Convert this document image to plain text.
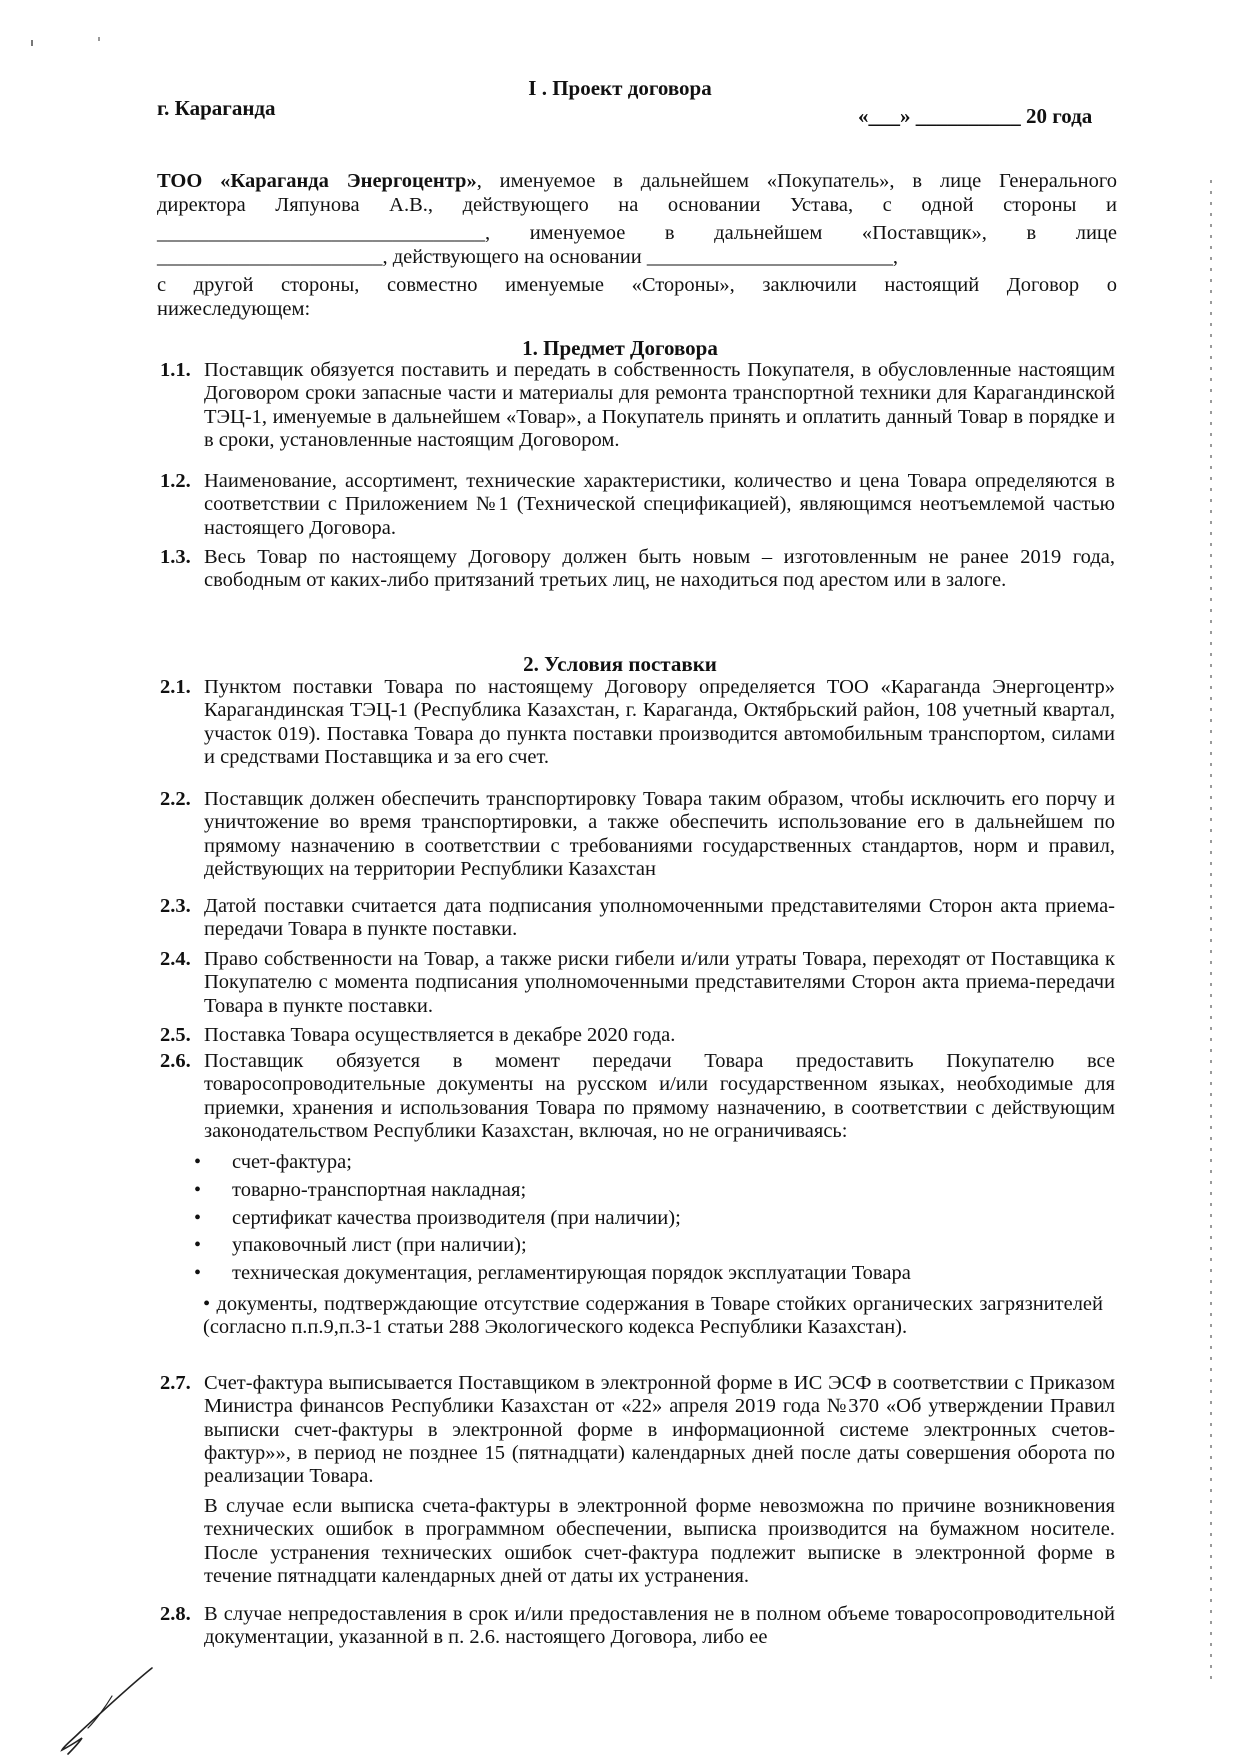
I . Проект договора
г. Караганда	«___» __________ 20 года
ТОО «Караганда Энергоцентр», именуемое в дальнейшем «Покупатель», в лице Генерального
директора Ляпунова А.В., действующего на основании Устава, с одной стороны и
________________________________, именуемое в дальнейшем «Поставщик», в лице
______________________, действующего на основании ________________________,
с другой стороны, совместно именуемые «Стороны», заключили настоящий Договор о
нижеследующем:
1. Предмет Договора
1.1. Поставщик обязуется поставить и передать в собственность Покупателя, в обусловленные настоящим Договором сроки запасные части и материалы для ремонта транспортной техники для Карагандинской ТЭЦ-1, именуемые в дальнейшем «Товар», а Покупатель принять и оплатить данный Товар в порядке и в сроки, установленные настоящим Договором.
1.2. Наименование, ассортимент, технические характеристики, количество и цена Товара определяются в соответствии с Приложением №1 (Технической спецификацией), являющимся неотъемлемой частью настоящего Договора.
1.3. Весь Товар по настоящему Договору должен быть новым – изготовленным не ранее 2019 года, свободным от каких-либо притязаний третьих лиц, не находиться под арестом или в залоге.
2. Условия поставки
2.1. Пунктом поставки Товара по настоящему Договору определяется ТОО «Караганда Энергоцентр» Карагандинская ТЭЦ-1 (Республика Казахстан, г. Караганда, Октябрьский район, 108 учетный квартал, участок 019). Поставка Товара до пункта поставки производится автомобильным транспортом, силами и средствами Поставщика и за его счет.
2.2. Поставщик должен обеспечить транспортировку Товара таким образом, чтобы исключить его порчу и уничтожение во время транспортировки, а также обеспечить использование его в дальнейшем по прямому назначению в соответствии с требованиями государственных стандартов, норм и правил, действующих на территории Республики Казахстан
2.3. Датой поставки считается дата подписания уполномоченными представителями Сторон акта приема-передачи Товара в пункте поставки.
2.4. Право собственности на Товар, а также риски гибели и/или утраты Товара, переходят от Поставщика к Покупателю с момента подписания уполномоченными представителями Сторон акта приема-передачи Товара в пункте поставки.
2.5. Поставка Товара осуществляется в декабре 2020 года.
2.6. Поставщик обязуется в момент передачи Товара предоставить Покупателю все товаросопроводительные документы на русском и/или государственном языках, необходимые для приемки, хранения и использования Товара по прямому назначению, в соответствии с действующим законодательством Республики Казахстан, включая, но не ограничиваясь:
• счет-фактура;
• товарно-транспортная накладная;
• сертификат качества производителя (при наличии);
• упаковочный лист (при наличии);
• техническая документация, регламентирующая порядок эксплуатации Товара
• документы, подтверждающие отсутствие содержания в Товаре стойких органических загрязнителей (согласно п.п.9,п.3-1 статьи 288 Экологического кодекса Республики Казахстан).
2.7. Счет-фактура выписывается Поставщиком в электронной форме в ИС ЭСФ в соответствии с Приказом Министра финансов Республики Казахстан от «22» апреля 2019 года №370 «Об утверждении Правил выписки счет-фактуры в электронной форме в информационной системе электронных счетов-фактур»», в период не позднее 15 (пятнадцати) календарных дней после даты совершения оборота по реализации Товара.
В случае если выписка счета-фактуры в электронной форме невозможна по причине возникновения технических ошибок в программном обеспечении, выписка производится на бумажном носителе. После устранения технических ошибок счет-фактура подлежит выписке в электронной форме в течение пятнадцати календарных дней от даты их устранения.
2.8. В случае непредоставления в срок и/или предоставления не в полном объеме товаросопроводительной документации, указанной в п. 2.6. настоящего Договора, либо ее
